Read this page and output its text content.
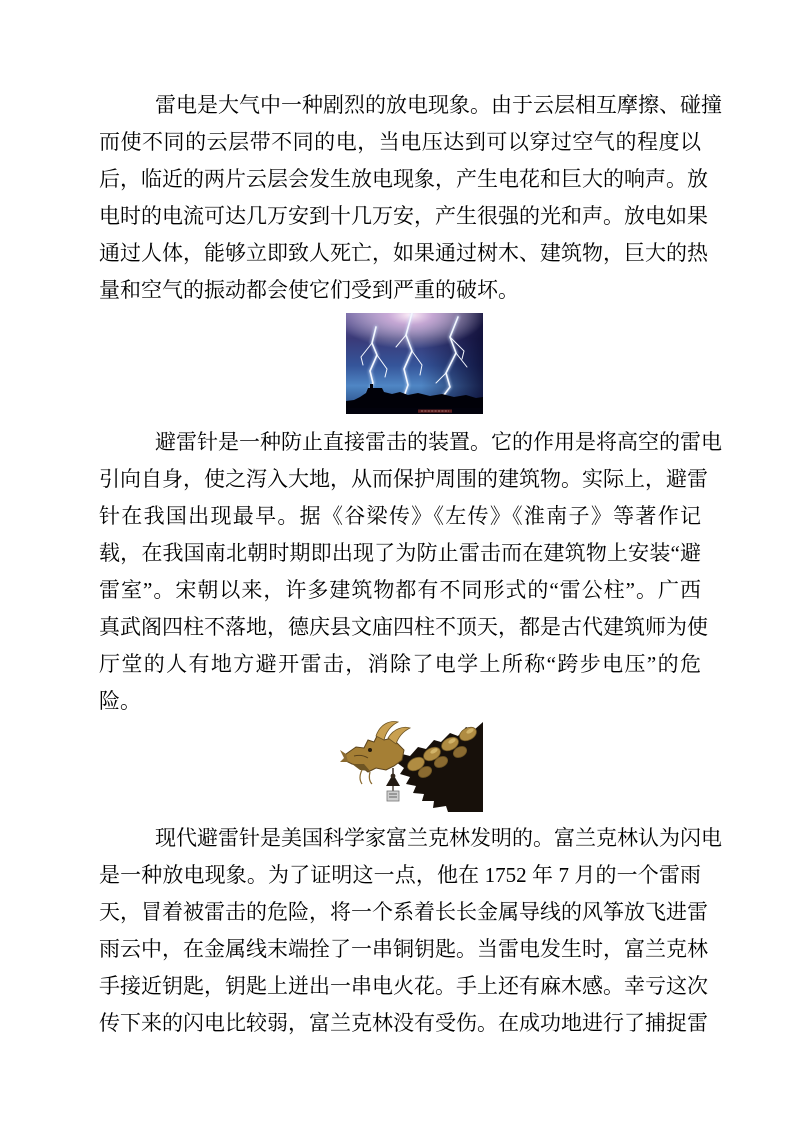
雷电是大气中一种剧烈的放电现象。由于云层相互摩擦、碰撞
而使不同的云层带不同的电，当电压达到可以穿过空气的程度以
后，临近的两片云层会发生放电现象，产生电花和巨大的响声。放
电时的电流可达几万安到十几万安，产生很强的光和声。放电如果
通过人体，能够立即致人死亡，如果通过树木、建筑物，巨大的热
量和空气的振动都会使它们受到严重的破坏。
避雷针是一种防止直接雷击的装置。它的作用是将高空的雷电
引向自身，使之泻入大地，从而保护周围的建筑物。实际上，避雷
针在我国出现最早。据《谷梁传》《左传》《淮南子》等著作记
载，在我国南北朝时期即出现了为防止雷击而在建筑物上安装“避
雷室”。宋朝以来，许多建筑物都有不同形式的“雷公柱”。广西
真武阁四柱不落地，德庆县文庙四柱不顶天，都是古代建筑师为使
厅堂的人有地方避开雷击，消除了电学上所称“跨步电压”的危
险。
现代避雷针是美国科学家富兰克林发明的。富兰克林认为闪电
是一种放电现象。为了证明这一点，他在 1752 年 7 月的一个雷雨
天，冒着被雷击的危险，将一个系着长长金属导线的风筝放飞进雷
雨云中，在金属线末端拴了一串铜钥匙。当雷电发生时，富兰克林
手接近钥匙，钥匙上迸出一串电火花。手上还有麻木感。幸亏这次
传下来的闪电比较弱，富兰克林没有受伤。在成功地进行了捕捉雷
